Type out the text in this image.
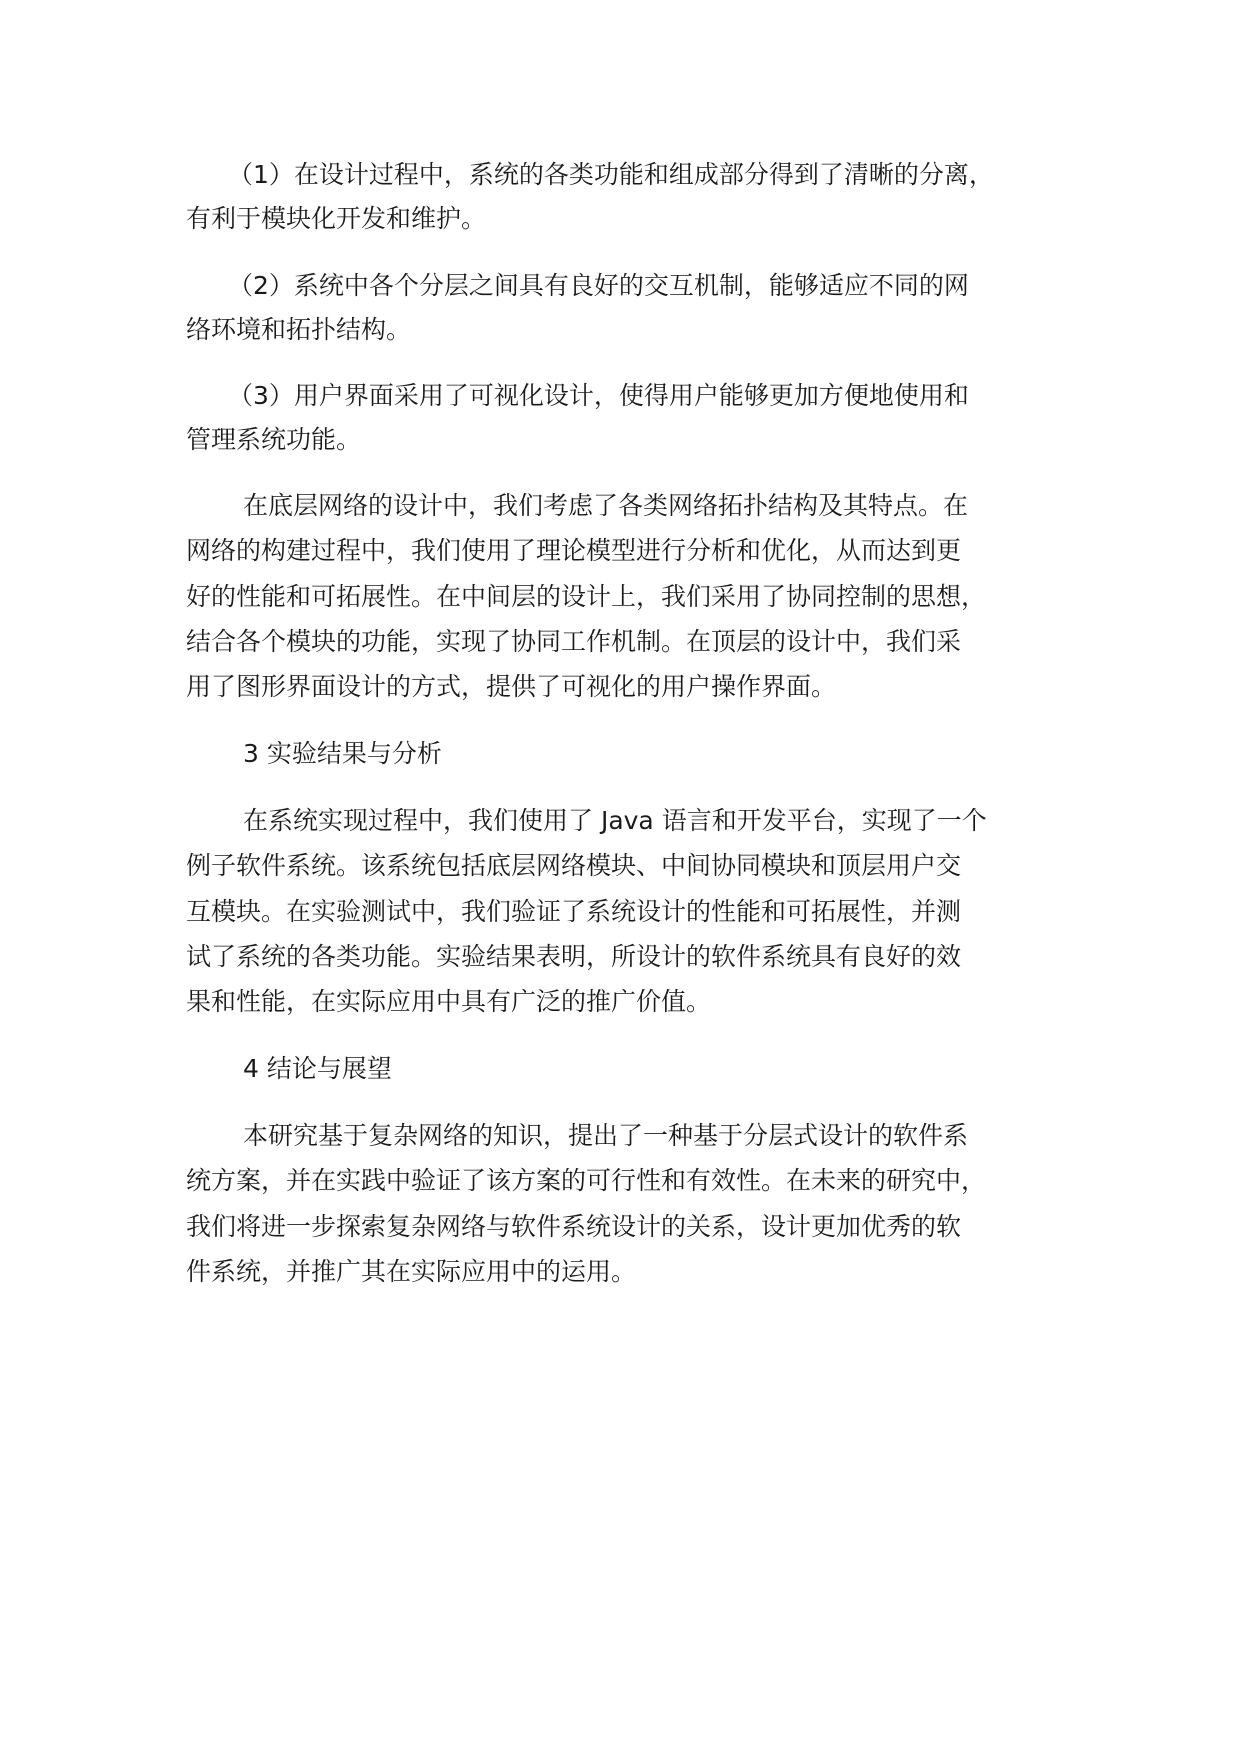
（1）在设计过程中，系统的各类功能和组成部分得到了清晰的分离，
有利于模块化开发和维护。
（2）系统中各个分层之间具有良好的交互机制，能够适应不同的网
络环境和拓扑结构。
（3）用户界面采用了可视化设计，使得用户能够更加方便地使用和
管理系统功能。
在底层网络的设计中，我们考虑了各类网络拓扑结构及其特点。在
网络的构建过程中，我们使用了理论模型进行分析和优化，从而达到更
好的性能和可拓展性。在中间层的设计上，我们采用了协同控制的思想，
结合各个模块的功能，实现了协同工作机制。在顶层的设计中，我们采
用了图形界面设计的方式，提供了可视化的用户操作界面。
3 实验结果与分析
在系统实现过程中，我们使用了 Java 语言和开发平台，实现了一个
例子软件系统。该系统包括底层网络模块、中间协同模块和顶层用户交
互模块。在实验测试中，我们验证了系统设计的性能和可拓展性，并测
试了系统的各类功能。实验结果表明，所设计的软件系统具有良好的效
果和性能，在实际应用中具有广泛的推广价值。
4 结论与展望
本研究基于复杂网络的知识，提出了一种基于分层式设计的软件系
统方案，并在实践中验证了该方案的可行性和有效性。在未来的研究中，
我们将进一步探索复杂网络与软件系统设计的关系，设计更加优秀的软
件系统，并推广其在实际应用中的运用。
